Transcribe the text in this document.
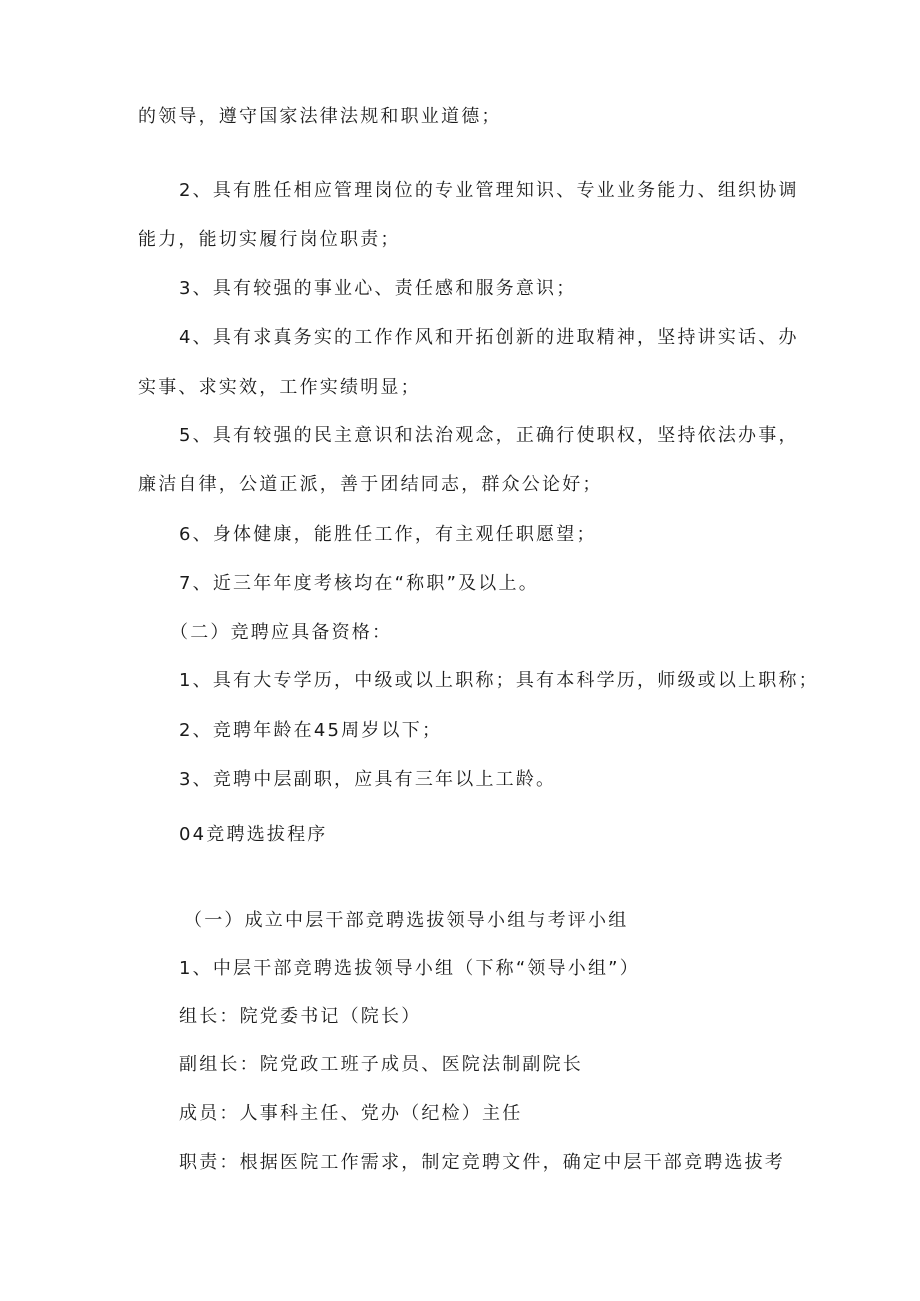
的领导，遵守国家法律法规和职业道德；

2、具有胜任相应管理岗位的专业管理知识、专业业务能力、组织协调

能力，能切实履行岗位职责；

3、具有较强的事业心、责任感和服务意识；

4、具有求真务实的工作作风和开拓创新的进取精神，坚持讲实话、办

实事、求实效，工作实绩明显；

5、具有较强的民主意识和法治观念，正确行使职权，坚持依法办事，

廉洁自律，公道正派，善于团结同志，群众公论好；

6、身体健康，能胜任工作，有主观任职愿望；

7、近三年年度考核均在“称职”及以上。

（二）竞聘应具备资格：

1、具有大专学历，中级或以上职称；具有本科学历，师级或以上职称；

2、竞聘年龄在45周岁以下；

3、竞聘中层副职，应具有三年以上工龄。

04竞聘选拔程序

（一）成立中层干部竞聘选拔领导小组与考评小组

1、中层干部竞聘选拔领导小组（下称“领导小组”）

组长：院党委书记（院长）

副组长：院党政工班子成员、医院法制副院长

成员：人事科主任、党办（纪检）主任

职责：根据医院工作需求，制定竞聘文件，确定中层干部竞聘选拔考
